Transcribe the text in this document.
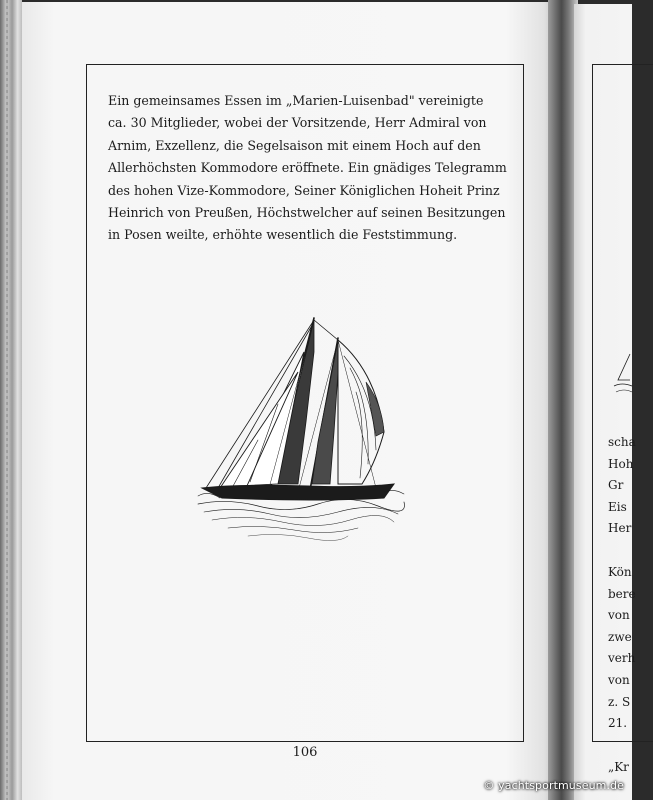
Ein gemeinsames Essen im „Marien-Luisenbad" vereinigte
ca. 30 Mitglieder, wobei der Vorsitzende, Herr Admiral von
Arnim, Exzellenz, die Segelsaison mit einem Hoch auf den
Allerhöchsten Kommodore eröffnete. Ein gnädiges Telegramm
des hohen Vize-Kommodore, Seiner Königlichen Hoheit Prinz
Heinrich von Preußen, Höchstwelcher auf seinen Besitzungen
in Posen weilte, erhöhte wesentlich die Feststimmung.

106
scha
Hoh
Gr
Eis
Her
Kön
bere
von
zwe
verh
von
z. S
21.
„Kr
© yachtsportmuseum.de
